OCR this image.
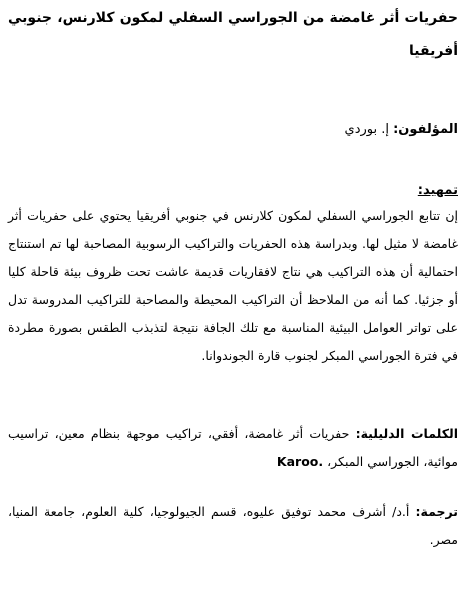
حفريات أثر غامضة من الجوراسي السفلي لمكون كلارنس، جنوبي أفريقيا
المؤلفون: إ. بوردي
تمهيد:

إن تتابع الجوراسي السفلي لمكون كلارنس في جنوبي أفريقيا يحتوي على حفريات أثر غامضة لا مثيل لها. وبدراسة هذه الحفريات والتراكيب الرسوبية المصاحبة لها تم استنتاج احتمالية أن هذه التراكيب هي نتاج لافقاريات قديمة عاشت تحت ظروف بيئة قاحلة كليا أو جزئيا. كما أنه من الملاحظ أن التراكيب المحيطة والمصاحبة للتراكيب المدروسة تدل على تواتر العوامل البيئية المناسبة مع تلك الجافة نتيجة لتذبذب الطقس بصورة مطردة في فترة الجوراسي المبكر لجنوب قارة الجوندوانا.

الكلمات الدليلية: حفريات أثر غامضة، أفقي، تراكيب موجهة بنظام معين، تراسيب موائية، الجوراسي المبكر، Karoo.
ترجمة: أ.د/ أشرف محمد توفيق عليوه، قسم الجيولوجيا، كلية العلوم، جامعة المنيا، مصر.
